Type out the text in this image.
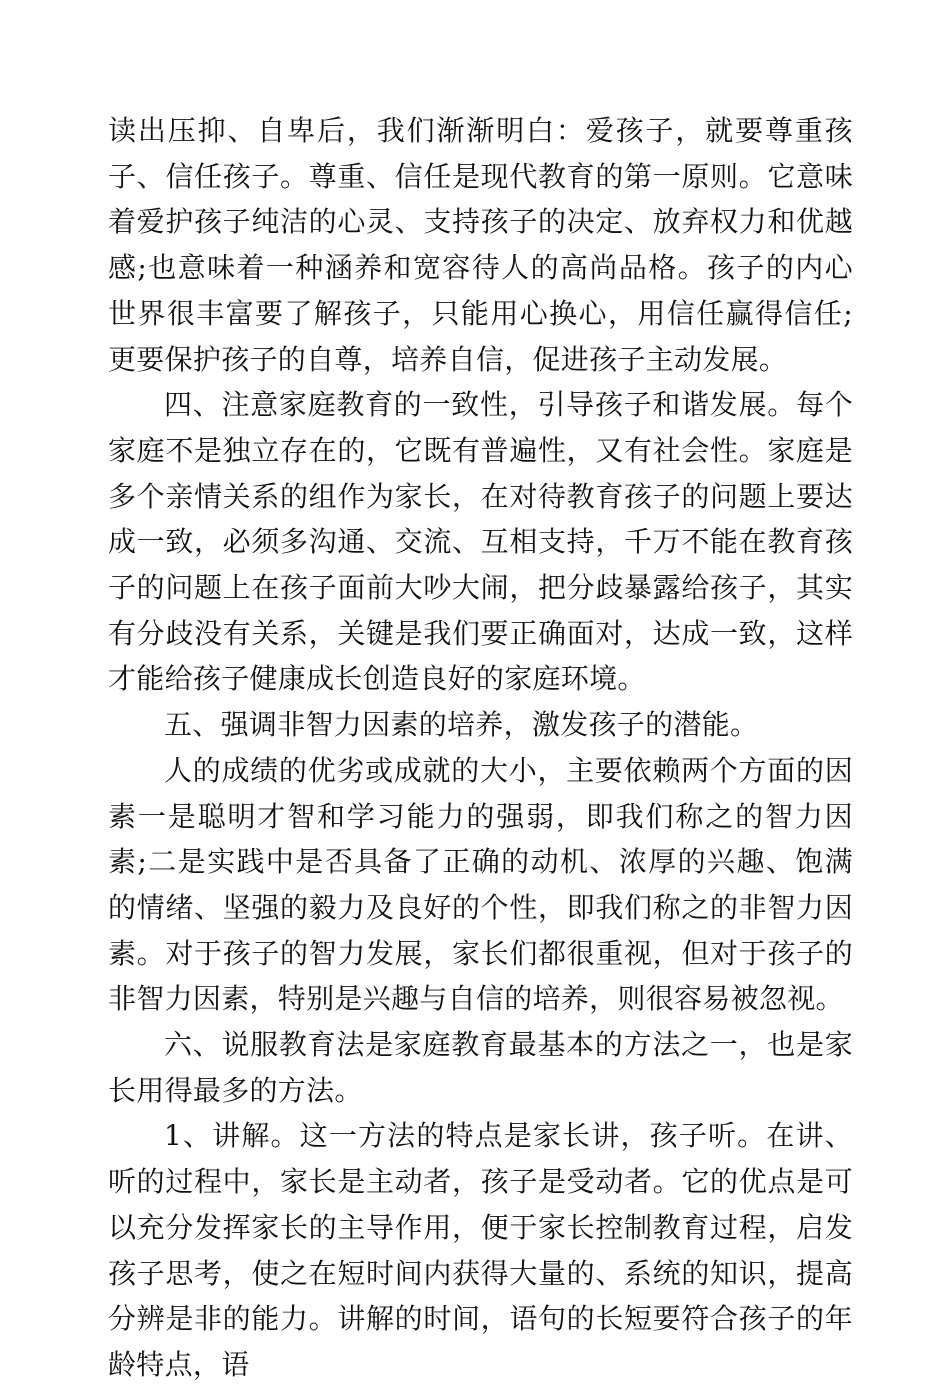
读出压抑、自卑后，我们渐渐明白：爱孩子，就要尊重孩子、信任孩子。尊重、信任是现代教育的第一原则。它意味着爱护孩子纯洁的心灵、支持孩子的决定、放弃权力和优越感;也意味着一种涵养和宽容待人的高尚品格。孩子的内心世界很丰富要了解孩子，只能用心换心，用信任赢得信任;更要保护孩子的自尊，培养自信，促进孩子主动发展。

四、注意家庭教育的一致性，引导孩子和谐发展。每个家庭不是独立存在的，它既有普遍性，又有社会性。家庭是多个亲情关系的组作为家长，在对待教育孩子的问题上要达成一致，必须多沟通、交流、互相支持，千万不能在教育孩子的问题上在孩子面前大吵大闹，把分歧暴露给孩子，其实有分歧没有关系，关键是我们要正确面对，达成一致，这样才能给孩子健康成长创造良好的家庭环境。

五、强调非智力因素的培养，激发孩子的潜能。

人的成绩的优劣或成就的大小，主要依赖两个方面的因素一是聪明才智和学习能力的强弱，即我们称之的智力因素;二是实践中是否具备了正确的动机、浓厚的兴趣、饱满的情绪、坚强的毅力及良好的个性，即我们称之的非智力因素。对于孩子的智力发展，家长们都很重视，但对于孩子的非智力因素，特别是兴趣与自信的培养，则很容易被忽视。

六、说服教育法是家庭教育最基本的方法之一，也是家长用得最多的方法。

1、讲解。这一方法的特点是家长讲，孩子听。在讲、听的过程中，家长是主动者，孩子是受动者。它的优点是可以充分发挥家长的主导作用，便于家长控制教育过程，启发孩子思考，使之在短时间内获得大量的、系统的知识，提高分辨是非的能力。讲解的时间，语句的长短要符合孩子的年龄特点，语
